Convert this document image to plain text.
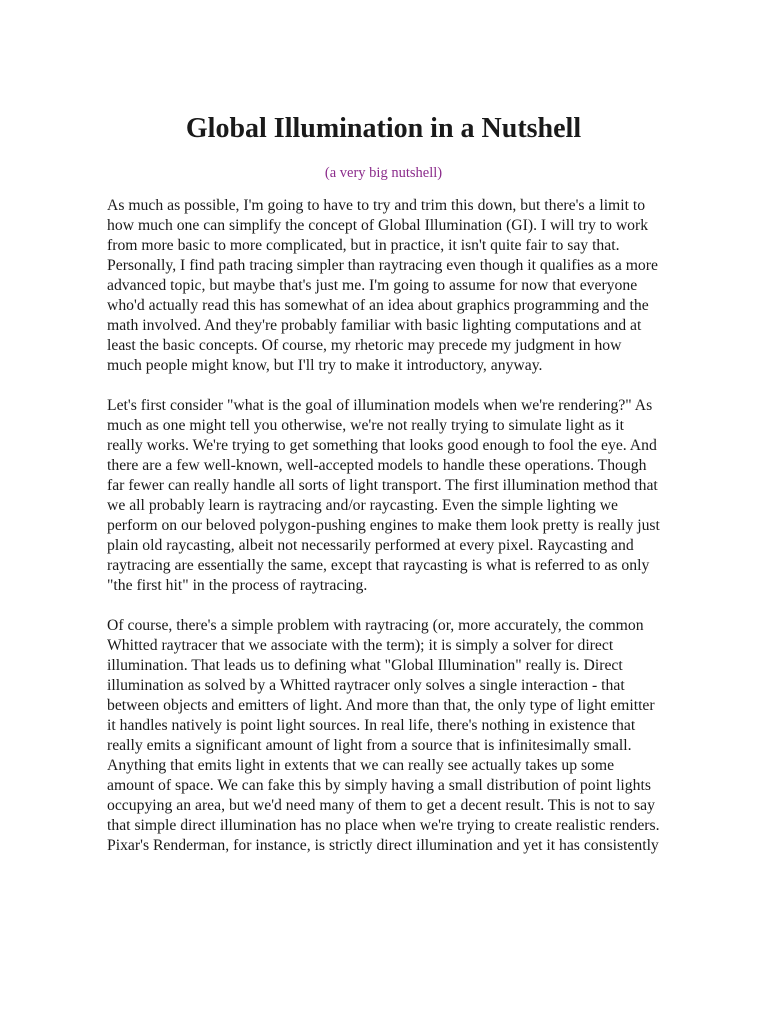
Global Illumination in a Nutshell
(a very big nutshell)

As much as possible, I'm going to have to try and trim this down, but there's a limit to how much one can simplify the concept of Global Illumination (GI). I will try to work from more basic to more complicated, but in practice, it isn't quite fair to say that. Personally, I find path tracing simpler than raytracing even though it qualifies as a more advanced topic, but maybe that's just me. I'm going to assume for now that everyone who'd actually read this has somewhat of an idea about graphics programming and the math involved. And they're probably familiar with basic lighting computations and at least the basic concepts. Of course, my rhetoric may precede my judgment in how much people might know, but I'll try to make it introductory, anyway.

Let's first consider "what is the goal of illumination models when we're rendering?" As much as one might tell you otherwise, we're not really trying to simulate light as it really works. We're trying to get something that looks good enough to fool the eye. And there are a few well-known, well-accepted models to handle these operations. Though far fewer can really handle all sorts of light transport. The first illumination method that we all probably learn is raytracing and/or raycasting. Even the simple lighting we perform on our beloved polygon-pushing engines to make them look pretty is really just plain old raycasting, albeit not necessarily performed at every pixel. Raycasting and raytracing are essentially the same, except that raycasting is what is referred to as only "the first hit" in the process of raytracing.

Of course, there's a simple problem with raytracing (or, more accurately, the common Whitted raytracer that we associate with the term); it is simply a solver for direct illumination. That leads us to defining what "Global Illumination" really is. Direct illumination as solved by a Whitted raytracer only solves a single interaction - that between objects and emitters of light. And more than that, the only type of light emitter it handles natively is point light sources. In real life, there's nothing in existence that really emits a significant amount of light from a source that is infinitesimally small. Anything that emits light in extents that we can really see actually takes up some amount of space. We can fake this by simply having a small distribution of point lights occupying an area, but we'd need many of them to get a decent result. This is not to say that simple direct illumination has no place when we're trying to create realistic renders. Pixar's Renderman, for instance, is strictly direct illumination and yet it has consistently
